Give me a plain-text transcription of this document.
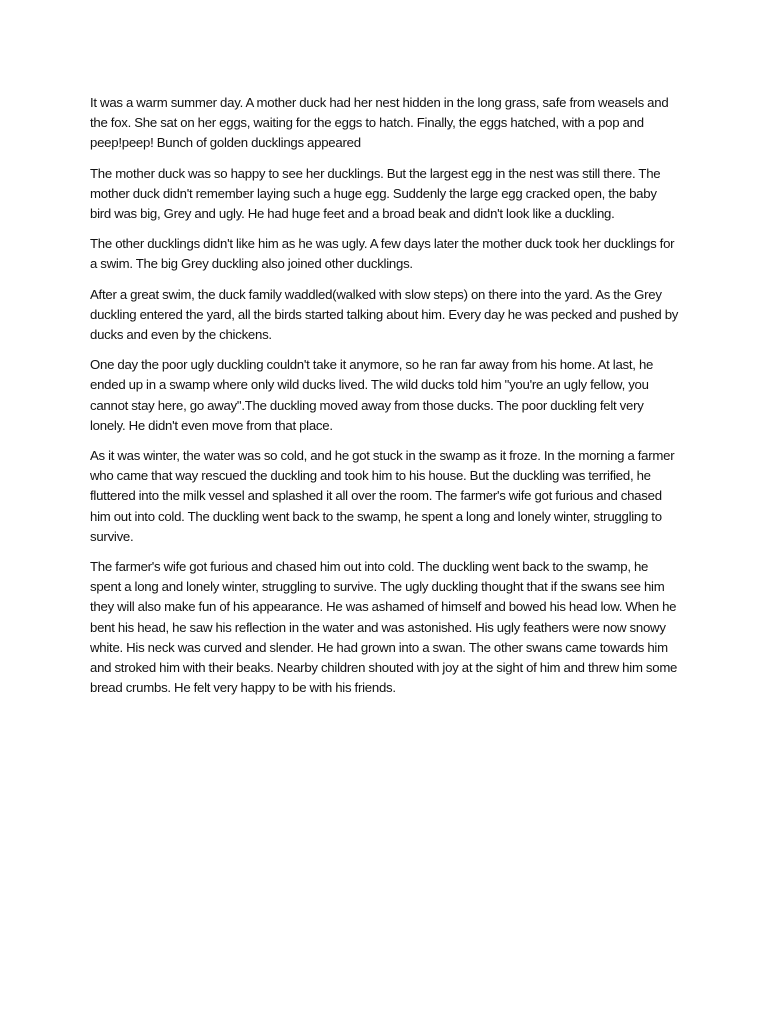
It was a warm summer day. A mother duck had her nest hidden in the long grass, safe from weasels and the fox. She sat on her eggs, waiting for the eggs to hatch. Finally, the eggs hatched, with a pop and peep!peep! Bunch of golden ducklings appeared

The mother duck was so happy to see her ducklings. But the largest egg in the nest was still there. The mother duck didn't remember laying such a huge egg. Suddenly the large egg cracked open, the baby bird was big, Grey and ugly. He had huge feet and a broad beak and didn't look like a duckling.

The other ducklings didn't like him as he was ugly. A few days later the mother duck took her ducklings for a swim. The big Grey duckling also joined other ducklings.

After a great swim, the duck family waddled(walked with slow steps) on there into the yard. As the Grey duckling entered the yard, all the birds started talking about him. Every day he was pecked and pushed by ducks and even by the chickens.

One day the poor ugly duckling couldn't take it anymore, so he ran far away from his home. At last, he ended up in a swamp where only wild ducks lived. The wild ducks told him "you're an ugly fellow, you cannot stay here, go away".The duckling moved away from those ducks. The poor duckling felt very lonely. He didn't even move from that place.

As it was winter, the water was so cold, and he got stuck in the swamp as it froze. In the morning a farmer who came that way rescued the duckling and took him to his house. But the duckling was terrified, he fluttered into the milk vessel and splashed it all over the room. The farmer's wife got furious and chased him out into cold. The duckling went back to the swamp, he spent a long and lonely winter, struggling to survive.

The farmer's wife got furious and chased him out into cold. The duckling went back to the swamp, he spent a long and lonely winter, struggling to survive. The ugly duckling thought that if the swans see him they will also make fun of his appearance. He was ashamed of himself and bowed his head low. When he bent his head, he saw his reflection in the water and was astonished. His ugly feathers were now snowy white. His neck was curved and slender. He had grown into a swan. The other swans came towards him and stroked him with their beaks. Nearby children shouted with joy at the sight of him and threw him some bread crumbs. He felt very happy to be with his friends.
